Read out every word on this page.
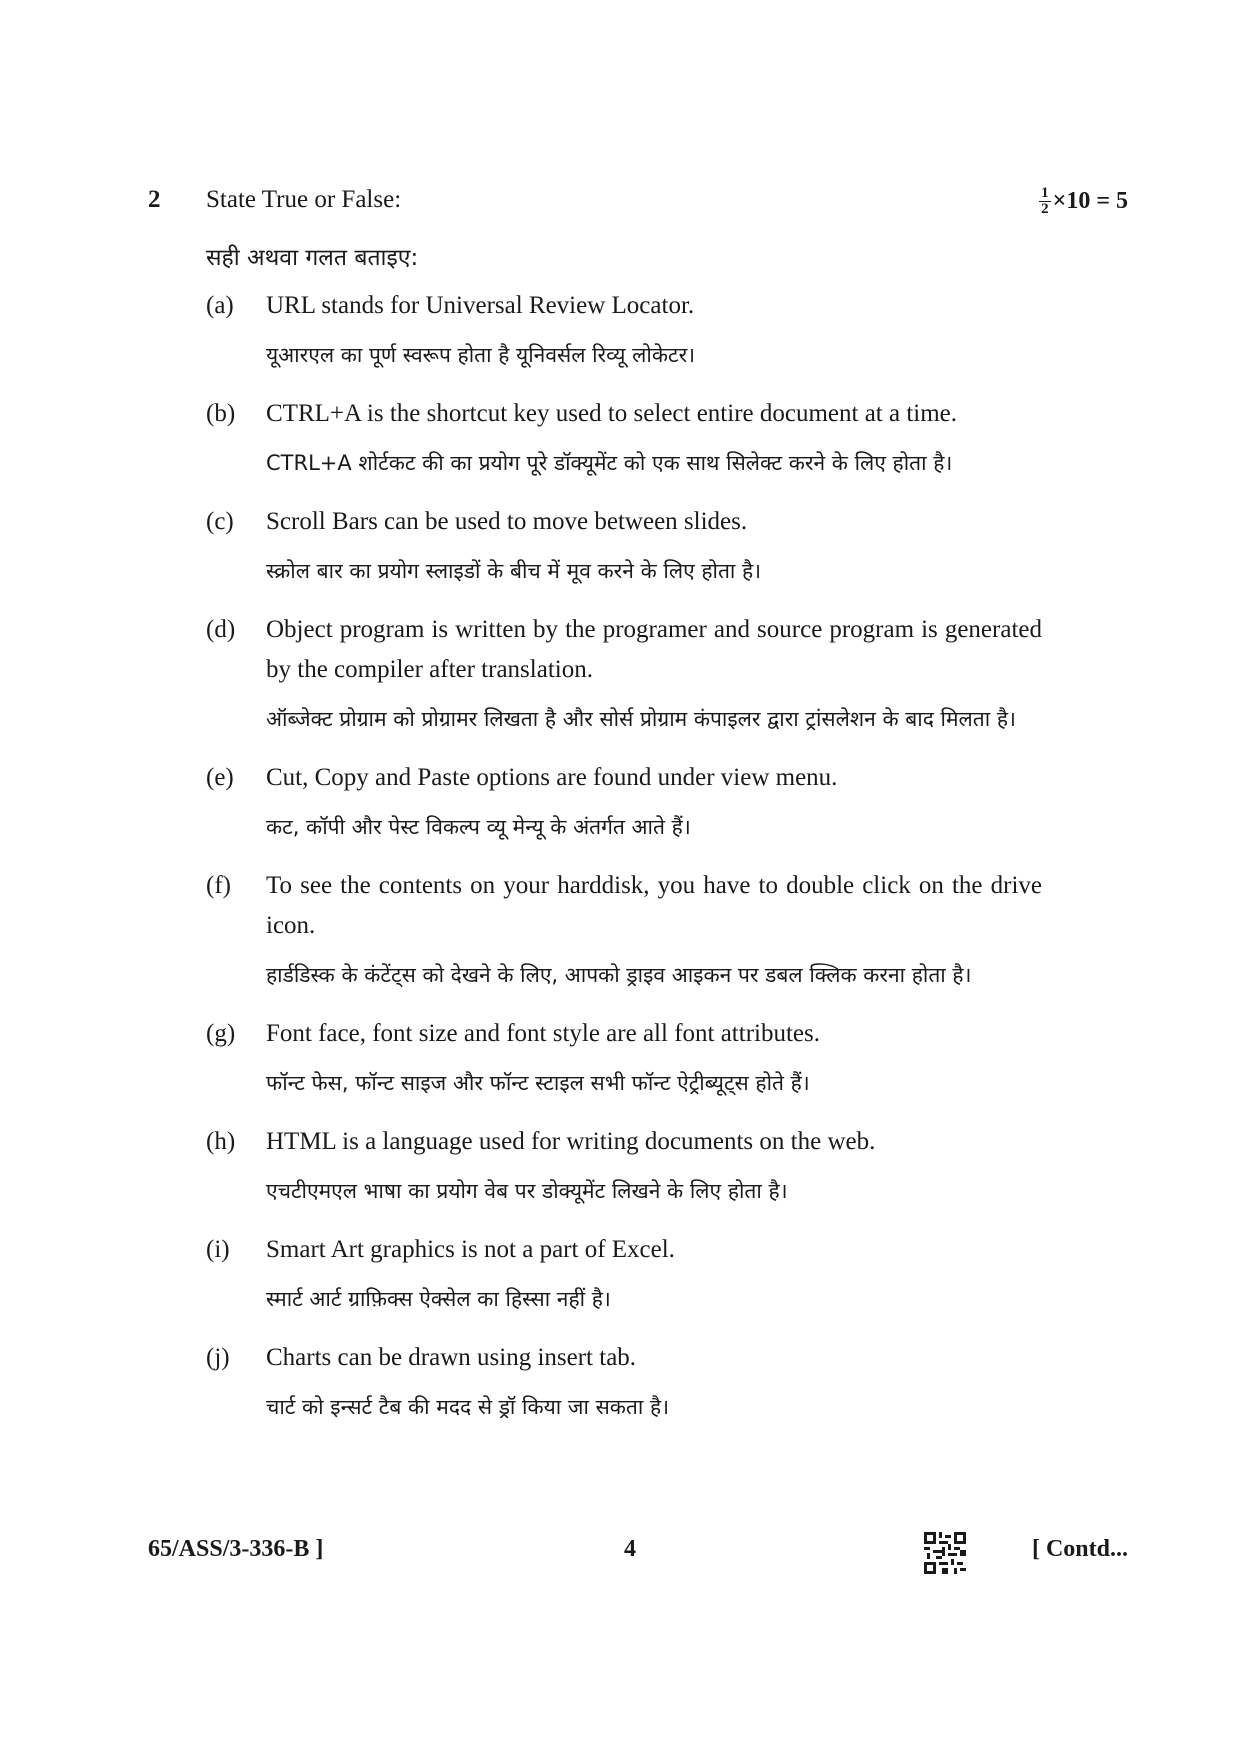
2 State True or False:	$\frac{1}{2} \times 10 = 5$
सही अथवा गलत बताइए:
(a) URL stands for Universal Review Locator.
यूआरएल का पूर्ण स्वरूप होता है यूनिवर्सल रिव्यू लोकेटर।
(b) CTRL+A is the shortcut key used to select entire document at a time.
CTRL+A शोर्टकट की का प्रयोग पूरे डॉक्यूमेंट को एक साथ सिलेक्ट करने के लिए होता है।
(c) Scroll Bars can be used to move between slides.
स्क्रोल बार का प्रयोग स्लाइडों के बीच में मूव करने के लिए होता है।
(d) Object program is written by the programer and source program is generated by the compiler after translation.
ऑब्जेक्ट प्रोग्राम को प्रोग्रामर लिखता है और सोर्स प्रोग्राम कंपाइलर द्वारा ट्रांसलेशन के बाद मिलता है।
(e) Cut, Copy and Paste options are found under view menu.
कट, कॉपी और पेस्ट विकल्प व्यू मेन्यू के अंतर्गत आते हैं।
(f) To see the contents on your harddisk, you have to double click on the drive icon.
हार्डडिस्क के कंटेंट्स को देखने के लिए, आपको ड्राइव आइकन पर डबल क्लिक करना होता है।
(g) Font face, font size and font style are all font attributes.
फॉन्ट फेस, फॉन्ट साइज और फॉन्ट स्टाइल सभी फॉन्ट ऐट्रीब्यूट्स होते हैं।
(h) HTML is a language used for writing documents on the web.
एचटीएमएल भाषा का प्रयोग वेब पर डोक्यूमेंट लिखने के लिए होता है।
(i) Smart Art graphics is not a part of Excel.
स्मार्ट आर्ट ग्राफ़िक्स ऐक्सेल का हिस्सा नहीं है।
(j) Charts can be drawn using insert tab.
चार्ट को इन्सर्ट टैब की मदद से ड्रॉ किया जा सकता है।
65/ASS/3-336-B ]	4	[ Contd...
